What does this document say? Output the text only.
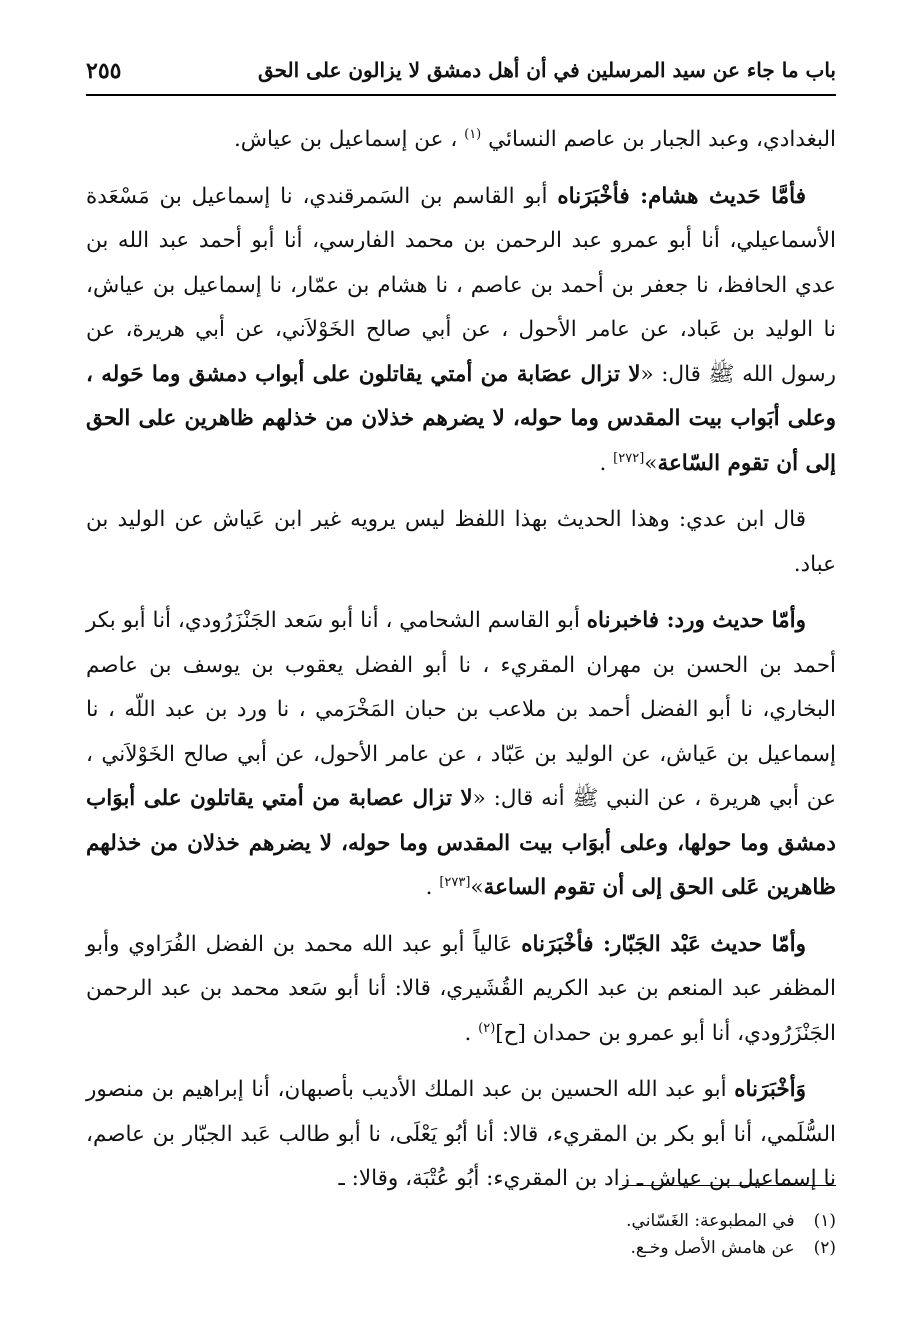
باب ما جاء عن سيد المرسلين في أن أهل دمشق لا يزالون على الحق
٢٥٥

البغدادي، وعبد الجبار بن عاصم النسائي $^{(١)}$ ، عن إسماعيل بن عياش.

فأمَّا حَديث هشام: فأخْبَرَناه أبو القاسم بن السَمرقندي، نا إسماعيل بن مَسْعَدة الأسماعيلي، أنا أبو عمرو عبد الرحمن بن محمد الفارسي، أنا أبو أحمد عبد الله بن عدي الحافظ، نا جعفر بن أحمد بن عاصم ، نا هشام بن عمّار، نا إسماعيل بن عياش، نا الوليد بن عَباد، عن عامر الأحول ، عن أبي صالح الخَوْلاَني، عن أبي هريرة، عن رسول الله ﷺ قال: «لا تزال عصَابة من أمتي يقاتلون على أبواب دمشق وما حَوله ، وعلى أبَواب بيت المقدس وما حوله، لا يضرهم خذلان من خذلهم ظاهرين على الحق إلى أن تقوم السّاعة»[٢٧٢] .

قال ابن عدي: وهذا الحديث بهذا اللفظ ليس يرويه غير ابن عَياش عن الوليد بن عباد.

وأمّا حديث ورد: فاخبرناه أبو القاسم الشحامي ، أنا أبو سَعد الجَنْزَرُودي، أنا أبو بكر أحمد بن الحسن بن مهران المقريء ، نا أبو الفضل يعقوب بن يوسف بن عاصم البخاري، نا أبو الفضل أحمد بن ملاعب بن حبان المَخْرَمي ، نا ورد بن عبد اللّه ، نا إسماعيل بن عَياش، عن الوليد بن عَبّاد ، عن عامر الأحول، عن أبي صالح الخَوْلاَني ، عن أبي هريرة ، عن النبي ﷺ أنه قال: «لا تزال عصابة من أمتي يقاتلون على أبوَاب دمشق وما حولها، وعلى أبوَاب بيت المقدس وما حوله، لا يضرهم خذلان من خذلهم ظاهرين عَلى الحق إلى أن تقوم الساعة»[٢٧٣] .

وأمّا حديث عَبْد الجَبّار: فأخْبَرَناه عَالياً أبو عبد الله محمد بن الفضل الفُرَاوي وأبو المظفر عبد المنعم بن عبد الكريم القُشَيري، قالا: أنا أبو سَعد محمد بن عبد الرحمن الجَنْزَرُودي، أنا أبو عمرو بن حمدان [ح]$^{(٢)}$ .

وَأخْبَرَناه أبو عبد الله الحسين بن عبد الملك الأديب بأصبهان، أنا إبراهيم بن منصور السُّلَمي، أنا أبو بكر بن المقريء، قالا: أنا أبُو يَعْلَى، نا أبو طالب عَبد الجبّار بن عاصم، نا إسماعيل بن عياش ـ زاد بن المقريء: أبُو عُتْبَة، وقالا: ـ

(١) في المطبوعة: الغَسّاني.
(٢) عن هامش الأصل وخـع.
